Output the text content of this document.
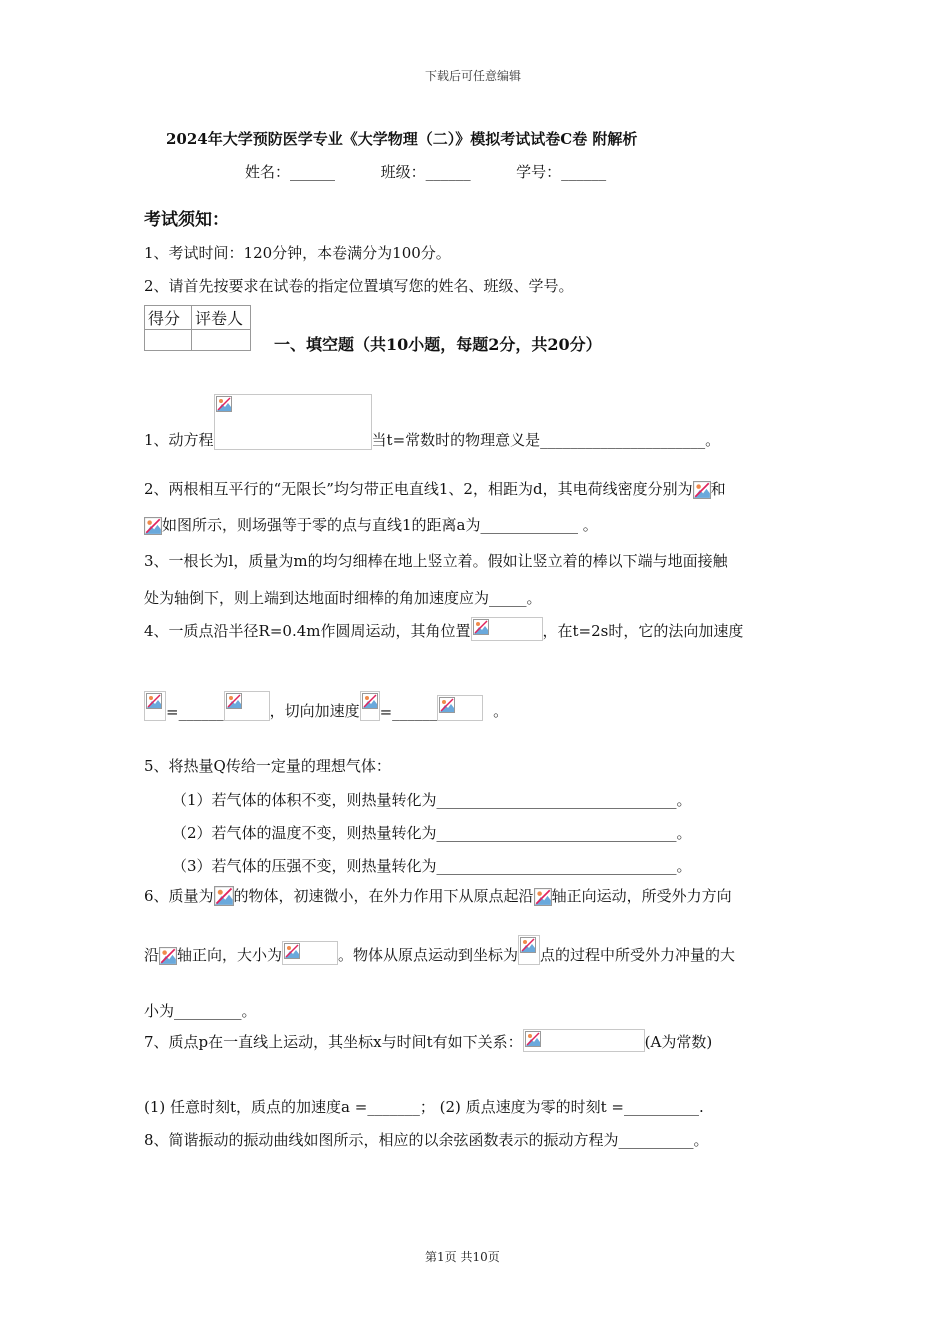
下载后可任意编辑
2024年大学预防医学专业《大学物理（二）》模拟考试试卷C卷 附解析
姓名：______	班级：______	学号：______
考试须知：
1、考试时间：120分钟，本卷满分为100分。
2、请首先按要求在试卷的指定位置填写您的姓名、班级、学号。
得分	评卷人

一、填空题（共10小题，每题2分，共20分）
1、动方程	当t=常数时的物理意义是______________________。
2、两根相互平行的“无限长”均匀带正电直线1、2，相距为d，其电荷线密度分别为 和
如图所示，则场强等于零的点与直线1的距离a为_____________ 。
3、一根长为l，质量为m的均匀细棒在地上竖立着。假如让竖立着的棒以下端与地面接触
处为轴倒下，则上端到达地面时细棒的角加速度应为_____。
4、一质点沿半径R=0.4m作圆周运动，其角位置	，在t=2s时，它的法向加速度
=______	，切向加速度 =______	。
5、将热量Q传给一定量的理想气体：
（1）若气体的体积不变，则热量转化为________________________________。
（2）若气体的温度不变，则热量转化为________________________________。
（3）若气体的压强不变，则热量转化为________________________________。
6、质量为 的物体，初速微小，在外力作用下从原点起沿 轴正向运动，所受外力方向
沿 轴正向，大小为	。物体从原点运动到坐标为 点的过程中所受外力冲量的大
小为_________。
7、质点p在一直线上运动，其坐标x与时间t有如下关系：	(A为常数)
(1) 任意时刻t，质点的加速度a =_______； (2) 质点速度为零的时刻t =__________.
8、简谐振动的振动曲线如图所示，相应的以余弦函数表示的振动方程为__________。
第1页 共10页
